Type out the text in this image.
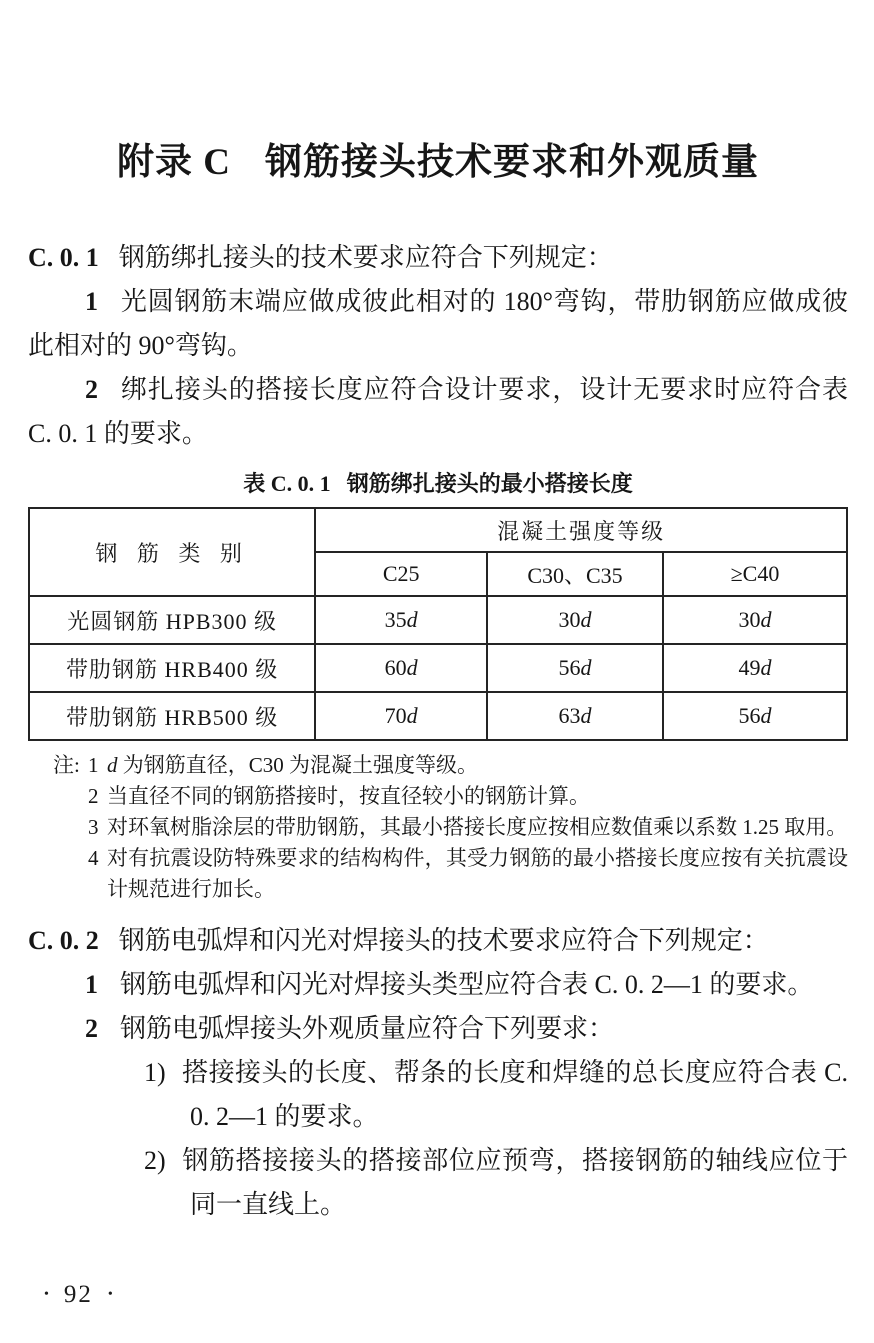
附录 C 钢筋接头技术要求和外观质量

C. 0. 1 钢筋绑扎接头的技术要求应符合下列规定：

1 光圆钢筋末端应做成彼此相对的 180°弯钩，带肋钢筋应做成彼此相对的 90°弯钩。

2 绑扎接头的搭接长度应符合设计要求，设计无要求时应符合表 C. 0. 1 的要求。

表 C. 0. 1 钢筋绑扎接头的最小搭接长度
钢 筋 类 别	混凝土强度等级		
	C25	C30、C35	≥C40
光圆钢筋 HPB300 级	35d	30d	30d
带肋钢筋 HRB400 级	60d	56d	49d
带肋钢筋 HRB500 级	70d	63d	56d
注: 1 d 为钢筋直径，C30 为混凝土强度等级。
2 当直径不同的钢筋搭接时，按直径较小的钢筋计算。
3 对环氧树脂涂层的带肋钢筋，其最小搭接长度应按相应数值乘以系数 1.25 取用。
4 对有抗震设防特殊要求的结构构件，其受力钢筋的最小搭接长度应按有关抗震设计规范进行加长。

C. 0. 2 钢筋电弧焊和闪光对焊接头的技术要求应符合下列规定：

1 钢筋电弧焊和闪光对焊接头类型应符合表 C. 0. 2—1 的要求。

2 钢筋电弧焊接头外观质量应符合下列要求：

1) 搭接接头的长度、帮条的长度和焊缝的总长度应符合表 C. 0. 2—1 的要求。

2) 钢筋搭接接头的搭接部位应预弯，搭接钢筋的轴线应位于同一直线上。

• 92 •
